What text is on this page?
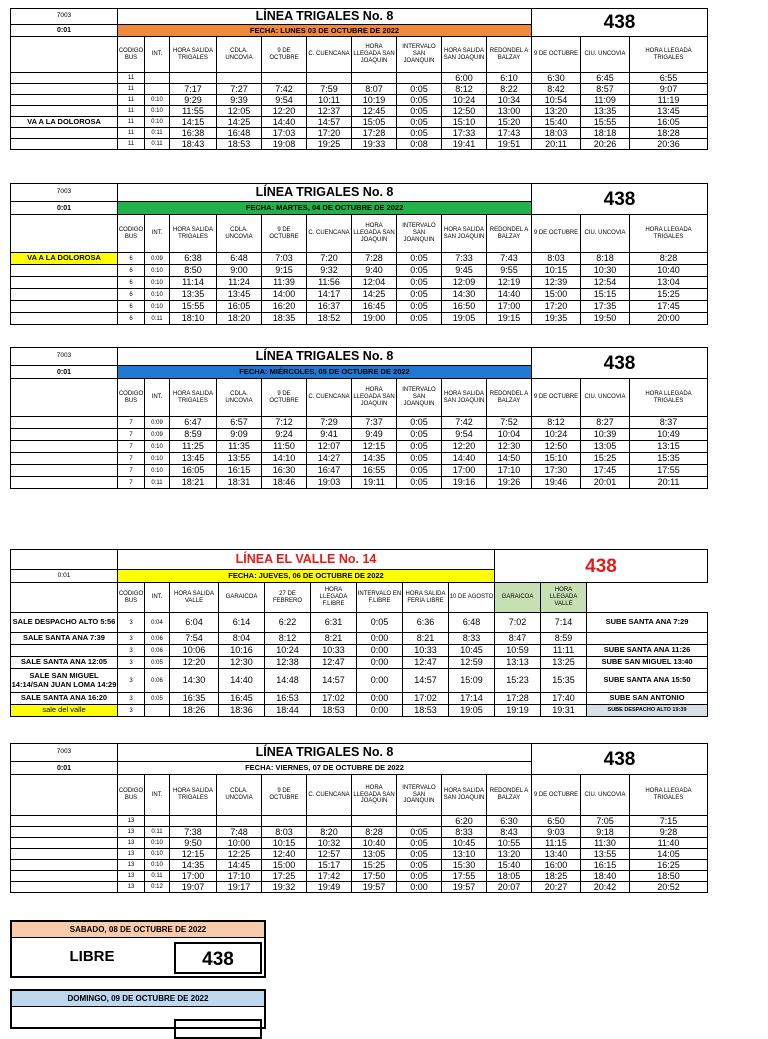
7003	LÍNEA TRIGALES No. 8										438		
0:01	FECHA: LUNES 03 DE OCTUBRE DE 2022												
	CODIGO BUS	INT.	HORA SALIDA TRIGALES	CDLA. UNCOVIA	9 DE OCTUBRE	C. CUENCANA	HORA LLEGADA SAN JOAQUIN	INTERVALO SAN JOANQUIN	HORA SALIDA SAN JOAQUIN	REDONDEL A BALZAY	9 DE OCTUBRE	CIU. UNCOVIA	HORA LLEGADA TRIGALES
	11								6:00	6:10	6:30	6:45	6:55
	11		7:17	7:27	7:42	7:59	8:07	0:05	8:12	8:22	8:42	8:57	9:07
	11	0:10	9:29	9:39	9:54	10:11	10:19	0:05	10:24	10:34	10:54	11:09	11:19
	11	0:10	11:55	12:05	12:20	12:37	12:45	0:05	12:50	13:00	13:20	13:35	13:45
VA A LA DOLOROSA	11	0:10	14:15	14:25	14:40	14:57	15:05	0:05	15:10	15:20	15:40	15:55	16:05
	11	0:11	16:38	16:48	17:03	17:20	17:28	0:05	17:33	17:43	18:03	18:18	18:28
	11	0:11	18:43	18:53	19:08	19:25	19:33	0:08	19:41	19:51	20:11	20:26	20:36
7003	LÍNEA TRIGALES No. 8										438		
0:01	FECHA: MARTES, 04 DE OCTUBRE DE 2022												
	CODIGO BUS	INT.	HORA SALIDA TRIGALES	CDLA. UNCOVIA	9 DE OCTUBRE	C. CUENCANA	HORA LLEGADA SAN JOAQUIN	INTERVALO SAN JOANQUIN	HORA SALIDA SAN JOAQUIN	REDONDEL A BALZAY	9 DE OCTUBRE	CIU. UNCOVIA	HORA LLEGADA TRIGALES
VA A LA DOLOROSA	6	0:09	6:38	6:48	7:03	7:20	7:28	0:05	7:33	7:43	8:03	8:18	8:28
	6	0:10	8:50	9:00	9:15	9:32	9:40	0:05	9:45	9:55	10:15	10:30	10:40
	6	0:10	11:14	11:24	11:39	11:56	12:04	0:05	12:09	12:19	12:39	12:54	13:04
	6	0:10	13:35	13:45	14:00	14:17	14:25	0:05	14:30	14:40	15:00	15:15	15:25
	6	0:10	15:55	16:05	16:20	16:37	16:45	0:05	16:50	17:00	17:20	17:35	17:45
	6	0:11	18:10	18:20	18:35	18:52	19:00	0:05	19:05	19:15	19:35	19:50	20:00
7003	LÍNEA TRIGALES No. 8										438		
0:01	FECHA: MIÉRCOLES, 05 DE OCTUBRE DE 2022												
	CODIGO BUS	INT.	HORA SALIDA TRIGALES	CDLA. UNCOVIA	9 DE OCTUBRE	C. CUENCANA	HORA LLEGADA SAN JOAQUIN	INTERVALO SAN JOANQUIN	HORA SALIDA SAN JOAQUIN	REDONDEL A BALZAY	9 DE OCTUBRE	CIU. UNCOVIA	HORA LLEGADA TRIGALES
	7	0:09	6:47	6:57	7:12	7:29	7:37	0:05	7:42	7:52	8:12	8:27	8:37
	7	0:09	8:59	9:09	9:24	9:41	9:49	0:05	9:54	10:04	10:24	10:39	10:49
	7	0:10	11:25	11:35	11:50	12:07	12:15	0:05	12:20	12:30	12:50	13:05	13:15
	7	0:10	13:45	13:55	14:10	14:27	14:35	0:05	14:40	14:50	15:10	15:25	15:35
	7	0:10	16:05	16:15	16:30	16:47	16:55	0:05	17:00	17:10	17:30	17:45	17:55
	7	0:11	18:21	18:31	18:46	19:03	19:11	0:05	19:16	19:26	19:46	20:01	20:11
	LÍNEA EL VALLE No. 14									438		
0:01	FECHA: JUEVES, 06 DE OCTUBRE DE 2022											
	CODIGO BUS	INT.	HORA SALIDA VALLE	GARAICOA	27 DE FEBRERO	HORA LLEGADA F.LIBRE	INTERVALO EN F.LIBRE	HORA SALIDA FERIA LIBRE	10 DE AGOSTO	GARAICOA	HORA LLEGADA VALLE	
SALE DESPACHO ALTO 5:56	3	0:04	6:04	6:14	6:22	6:31	0:05	6:36	6:48	7:02	7:14	SUBE SANTA ANA 7:29
SALE SANTA ANA 7:39	3	0:06	7:54	8:04	8:12	8:21	0:00	8:21	8:33	8:47	8:59	
	3	0:06	10:06	10:16	10:24	10:33	0:00	10:33	10:45	10:59	11:11	SUBE SANTA ANA 11:26
SALE SANTA ANA 12:05	3	0:05	12:20	12:30	12:38	12:47	0:00	12:47	12:59	13:13	13:25	SUBE SAN MIGUEL 13:40
SALE SAN MIGUEL 14:14/SAN JUAN LOMA 14:29	3	0:06	14:30	14:40	14:48	14:57	0:00	14:57	15:09	15:23	15:35	SUBE SANTA ANA 15:50
SALE SANTA ANA 16:20	3	0:05	16:35	16:45	16:53	17:02	0:00	17:02	17:14	17:28	17:40	SUBE SAN ANTONIO
sale del valle	3		18:26	18:36	18:44	18:53	0:00	18:53	19:05	19:19	19:31	SUBE DESPACHO ALTO 19:39
7003	LÍNEA TRIGALES No. 8										438		
0:01	FECHA: VIERNES, 07 DE OCTUBRE DE 2022												
	CODIGO BUS	INT.	HORA SALIDA TRIGALES	CDLA. UNCOVIA	9 DE OCTUBRE	C. CUENCANA	HORA LLEGADA SAN JOAQUIN	INTERVALO SAN JOANQUIN	HORA SALIDA SAN JOAQUIN	REDONDEL A BALZAY	9 DE OCTUBRE	CIU. UNCOVIA	HORA LLEGADA TRIGALES
	13								6:20	6:30	6:50	7:05	7:15
	13	0:11	7:38	7:48	8:03	8:20	8:28	0:05	8:33	8:43	9:03	9:18	9:28
	13	0:10	9:50	10:00	10:15	10:32	10:40	0:05	10:45	10:55	11:15	11:30	11:40
	13	0:10	12:15	12:25	12:40	12:57	13:05	0:05	13:10	13:20	13:40	13:55	14:05
	13	0:10	14:35	14:45	15:00	15:17	15:25	0:05	15:30	15:40	16:00	16:15	16:25
	13	0:11	17:00	17:10	17:25	17:42	17:50	0:05	17:55	18:05	18:25	18:40	18:50
	13	0:12	19:07	19:17	19:32	19:49	19:57	0:00	19:57	20:07	20:27	20:42	20:52
SABADO, 08 DE OCTUBRE DE 2022
LIBRE	438
DOMINGO, 09 DE OCTUBRE DE 2022
